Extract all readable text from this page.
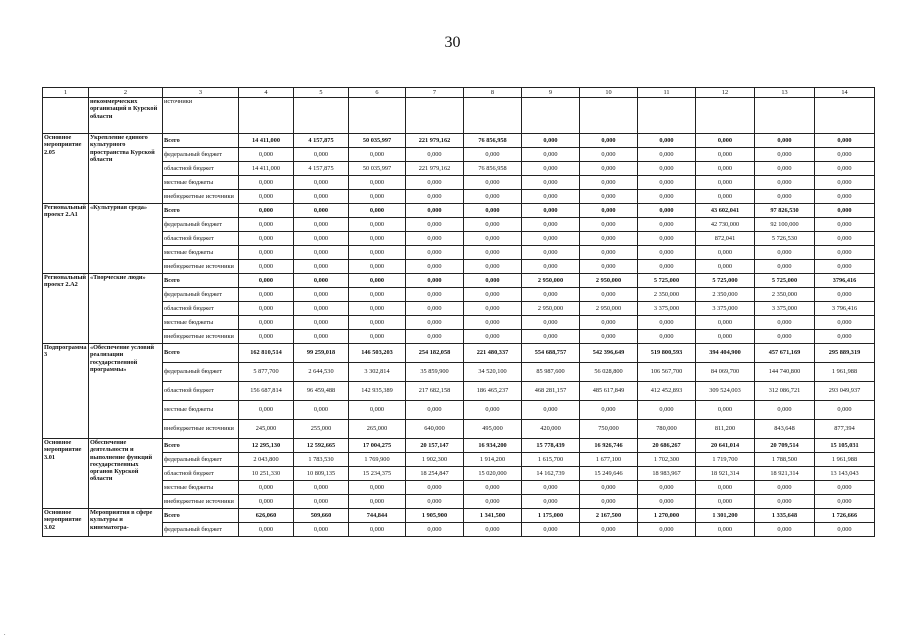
30
1	2	3	4	5	6	7	8	9	10	11	12	13	14
	некоммерческих организаций в Курской области	источники											
Основное мероприятие 2.05	Укрепление единого культурного пространства Курской области	Всего	14 411,000	4 157,875	50 035,997	221 979,162	76 856,958	0,000	0,000	0,000	0,000	0,000	0,000
		федеральный бюджет	0,000	0,000	0,000	0,000	0,000	0,000	0,000	0,000	0,000	0,000	0,000
		областной бюджет	14 411,000	4 157,875	50 035,997	221 979,162	76 856,958	0,000	0,000	0,000	0,000	0,000	0,000
		местные бюджеты	0,000	0,000	0,000	0,000	0,000	0,000	0,000	0,000	0,000	0,000	0,000
		внебюджетные источники	0,000	0,000	0,000	0,000	0,000	0,000	0,000	0,000	0,000	0,000	0,000
Региональный проект 2.А1	«Культурная среда»	Всего	0,000	0,000	0,000	0,000	0,000	0,000	0,000	0,000	43 602,041	97 826,530	0,000
		федеральный бюджет	0,000	0,000	0,000	0,000	0,000	0,000	0,000	0,000	42 730,000	92 100,000	0,000
		областной бюджет	0,000	0,000	0,000	0,000	0,000	0,000	0,000	0,000	872,041	5 726,530	0,000
		местные бюджеты	0,000	0,000	0,000	0,000	0,000	0,000	0,000	0,000	0,000	0,000	0,000
		внебюджетные источники	0,000	0,000	0,000	0,000	0,000	0,000	0,000	0,000	0,000	0,000	0,000
Региональный проект 2.А2	«Творческие люди»	Всего	0,000	0,000	0,000	0,000	0,000	2 950,000	2 950,000	5 725,000	5 725,000	5 725,000	3796,416
		федеральный бюджет	0,000	0,000	0,000	0,000	0,000	0,000	0,000	2 350,000	2 350,000	2 350,000	0,000
		областной бюджет	0,000	0,000	0,000	0,000	0,000	2 950,000	2 950,000	3 375,000	3 375,000	3 375,000	3 796,416
		местные бюджеты	0,000	0,000	0,000	0,000	0,000	0,000	0,000	0,000	0,000	0,000	0,000
		внебюджетные источники	0,000	0,000	0,000	0,000	0,000	0,000	0,000	0,000	0,000	0,000	0,000
Подпрограмма 3	«Обеспечение условий реализации государственной программы»	Всего	162 810,514	99 259,018	146 503,203	254 182,058	221 480,337	554 688,757	542 396,649	519 800,593	394 404,900	457 671,169	295 889,319
		федеральный бюджет	5 877,700	2 644,530	3 302,814	35 859,900	34 520,100	85 987,600	56 028,800	106 567,700	84 069,700	144 740,800	1 961,988
		областной бюджет	156 687,814	96 459,488	142 935,389	217 682,158	186 465,237	468 281,157	485 617,849	412 452,893	309 524,003	312 086,721	293 049,937
		местные бюджеты	0,000	0,000	0,000	0,000	0,000	0,000	0,000	0,000	0,000	0,000	0,000
		внебюджетные источники	245,000	255,000	265,000	640,000	495,000	420,000	750,000	780,000	811,200	843,648	877,394
Основное мероприятие 3.01	Обеспечение деятельности и выполнение функций государственных органов Курской области	Всего	12 295,130	12 592,665	17 004,275	20 157,147	16 934,200	15 778,439	16 926,746	20 686,267	20 641,014	20 709,514	15 105,031
		федеральный бюджет	2 043,800	1 783,530	1 769,900	1 902,300	1 914,200	1 615,700	1 677,100	1 702,300	1 719,700	1 788,500	1 961,988
		областной бюджет	10 251,330	10 809,135	15 234,375	18 254,847	15 020,000	14 162,739	15 249,646	18 983,967	18 921,314	18 921,314	13 143,043
		местные бюджеты	0,000	0,000	0,000	0,000	0,000	0,000	0,000	0,000	0,000	0,000	0,000
		внебюджетные источники	0,000	0,000	0,000	0,000	0,000	0,000	0,000	0,000	0,000	0,000	0,000
Основное мероприятие 3.02	Мероприятия в сфере культуры и кинематогра-	Всего	626,060	509,660	744,844	1 905,900	1 341,500	1 175,000	2 167,500	1 270,000	1 301,200	1 335,648	1 726,666
		федеральный бюджет	0,000	0,000	0,000	0,000	0,000	0,000	0,000	0,000	0,000	0,000	0,000
.
